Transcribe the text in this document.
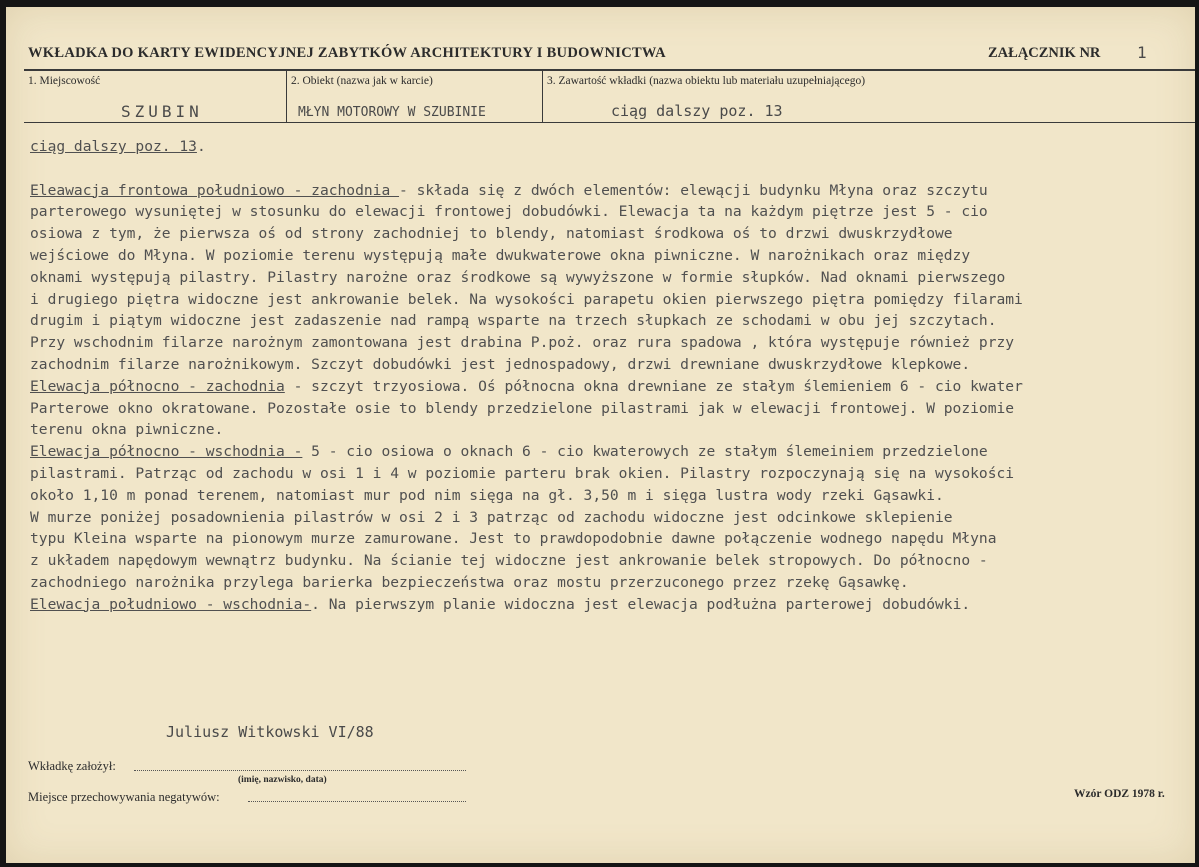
WKŁADKA DO KARTY EWIDENCYJNEJ ZABYTKÓW ARCHITEKTURY I BUDOWNICTWA	ZAŁĄCZNIK NR 1
1. Miejscowość	2. Obiekt (nazwa jak w karcie)	3. Zawartość wkładki (nazwa obiektu lub materiału uzupełniającego)
SZUBIN	MŁYN MOTOROWY W SZUBINIE	ciąg dalszy poz. 13
ciąg dalszy poz. 13.
Eleawacja frontowa południowo - zachodnia - składa się z dwóch elementów: elewącji budynku Młyna oraz szczytu
parterowego wysuniętej w stosunku do elewacji frontowej dobudówki. Elewacja ta na każdym piętrze jest 5 - cio
osiowa z tym, że pierwsza oś od strony zachodniej to blendy, natomiast środkowa oś to drzwi dwuskrzydłowe
wejściowe do Młyna. W poziomie terenu występują małe dwukwaterowe okna piwniczne. W narożnikach oraz między
oknami występują pilastry. Pilastry narożne oraz środkowe są wywyższone w formie słupków. Nad oknami pierwszego
i drugiego piętra widoczne jest ankrowanie belek. Na wysokości parapetu okien pierwszego piętra pomiędzy filarami
drugim i piątym widoczne jest zadaszenie nad rampą wsparte na trzech słupkach ze schodami w obu jej szczytach.
Przy wschodnim filarze narożnym zamontowana jest drabina P.poż. oraz rura spadowa , która występuje również przy
zachodnim filarze narożnikowym. Szczyt dobudówki jest jednospadowy, drzwi drewniane dwuskrzydłowe klepkowe.
Elewacja północno - zachodnia - szczyt trzyosiowa. Oś północna okna drewniane ze stałym ślemieniem 6 - cio kwater
Parterowe okno okratowane. Pozostałe osie to blendy przedzielone pilastrami jak w elewacji frontowej. W poziomie
terenu okna piwniczne.
Elewacja północno - wschodnia - 5 - cio osiowa o oknach 6 - cio kwaterowych ze stałym ślemeiniem przedzielone
pilastrami. Patrząc od zachodu w osi 1 i 4 w poziomie parteru brak okien. Pilastry rozpoczynają się na wysokości
około 1,10 m ponad terenem, natomiast mur pod nim sięga na gł. 3,50 m i sięga lustra wody rzeki Gąsawki.
W murze poniżej posadownienia pilastrów w osi 2 i 3 patrząc od zachodu widoczne jest odcinkowe sklepienie
typu Kleina wsparte na pionowym murze zamurowane. Jest to prawdopodobnie dawne połączenie wodnego napędu Młyna
z układem napędowym wewnątrz budynku. Na ścianie tej widoczne jest ankrowanie belek stropowych. Do północno -
zachodniego narożnika przylega barierka bezpieczeństwa oraz mostu przerzuconego przez rzekę Gąsawkę.
Elewacja południowo - wschodnia-. Na pierwszym planie widoczna jest elewacja podłużna parterowej dobudówki.
Juliusz Witkowski VI/88
Wkładkę założył:
(imię, nazwisko, data)
Miejsce przechowywania negatywów:	Wzór ODZ 1978 r.
